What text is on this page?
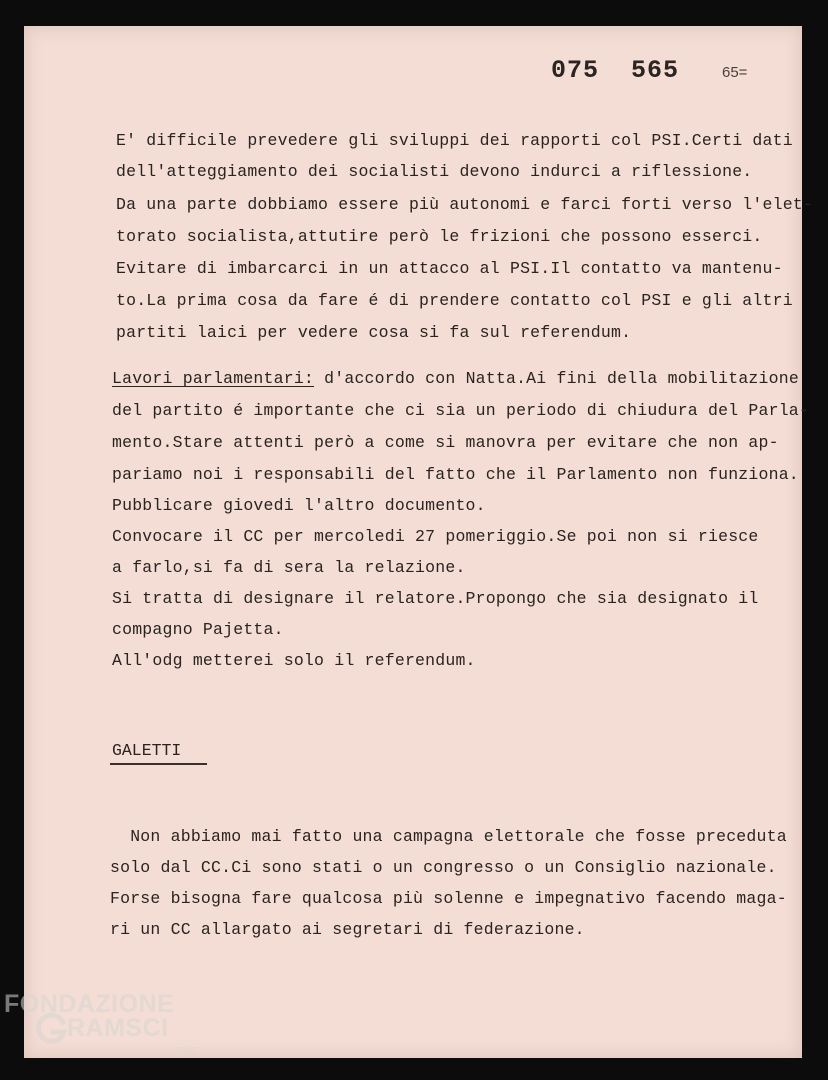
075  565	65=
E' difficile prevedere gli sviluppi dei rapporti col PSI.Certi dati
dell'atteggiamento dei socialisti devono indurci a riflessione.
Da una parte dobbiamo essere più autonomi e farci forti verso l'elet-
torato socialista,attutire però le frizioni che possono esserci.
Evitare di imbarcarci in un attacco al PSI.Il contatto va mantenu-
to.La prima cosa da fare é di prendere contatto col PSI e gli altri
partiti laici per vedere cosa si fa sul referendum.
Lavori parlamentari: d'accordo con Natta.Ai fini della mobilitazione
del partito é importante che ci sia un periodo di chiudura del Parla-
mento.Stare attenti però a come si manovra per evitare che non ap-
pariamo noi i responsabili del fatto che il Parlamento non funziona.
Pubblicare giovedi l'altro documento.
Convocare il CC per mercoledi 27 pomeriggio.Se poi non si riesce
a farlo,si fa di sera la relazione.
Si tratta di designare il relatore.Propongo che sia designato il
compagno Pajetta.
All'odg metterei solo il referendum.
GALETTI
Non abbiamo mai fatto una campagna elettorale che fosse preceduta
solo dal CC.Ci sono stati o un congresso o un Consiglio nazionale.
Forse bisogna fare qualcosa più solenne e impegnativo facendo maga-
ri un CC allargato ai segretari di federazione.
FONDAZIONE
RAMSCI
onlus
